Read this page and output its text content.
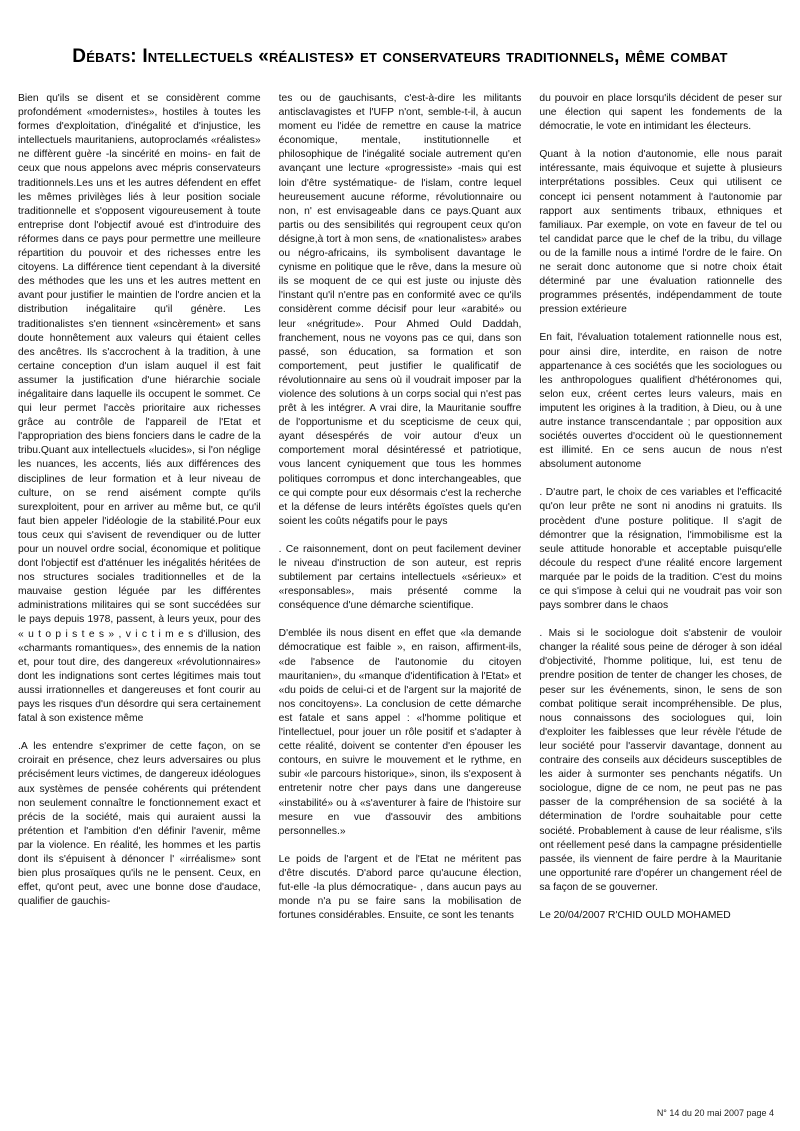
Débats: Intellectuels «réalistes» et conservateurs traditionnels, même combat

Bien qu'ils se disent et se considèrent comme profondément «modernistes», hostiles à toutes les formes d'exploitation, d'inégalité et d'injustice, les intellectuels mauritaniens, autoproclamés «réalistes» ne diffèrent guère -la sincérité en moins- en fait de ceux que nous appelons avec mépris conservateurs traditionnels.Les uns et les autres défendent en effet les mêmes privilèges liés à leur position sociale traditionnelle et s'opposent vigoureusement à toute entreprise dont l'objectif avoué est d'introduire des réformes dans ce pays pour permettre une meilleure répartition du pouvoir et des richesses entre les citoyens. La différence tient cependant à la diversité des méthodes que les uns et les autres mettent en avant pour justifier le maintien de l'ordre ancien et la distribution inégalitaire qu'il génère. Les traditionalistes s'en tiennent «sincèrement» et sans doute honnêtement aux valeurs qui étaient celles des ancêtres. Ils s'accrochent à la tradition, à une certaine conception d'un islam auquel il est fait assumer la justification d'une hiérarchie sociale inégalitaire dans laquelle ils occupent le sommet. Ce qui leur permet l'accès prioritaire aux richesses grâce au contrôle de l'appareil de l'Etat et l'appropriation des biens fonciers dans le cadre de la tribu.Quant aux intellectuels «lucides», si l'on néglige les nuances, les accents, liés aux différences des disciplines de leur formation et à leur niveau de culture, on se rend aisément compte qu'ils surexploitent, pour en arriver au même but, ce qu'il faut bien appeler l'idéologie de la stabilité.Pour eux tous ceux qui s'avisent de revendiquer ou de lutter pour un nouvel ordre social, économique et politique dont l'objectif est d'atténuer les inégalités héritées de nos structures sociales traditionnelles et de la mauvaise gestion léguée par les différentes administrations militaires qui se sont succédées sur le pays depuis 1978, passent, à leurs yeux, pour des « u t o p i s t e s » , v i c t i m e s d'illusion, des «charmants romantiques», des ennemis de la nation et, pour tout dire, des dangereux «révolutionnaires» dont les indignations sont certes légitimes mais tout aussi irrationnelles et dangereuses et font courir au pays les risques d'un désordre qui sera certainement fatal à son existence même

.A les entendre s'exprimer de cette façon, on se croirait en présence, chez leurs adversaires ou plus précisément leurs victimes, de dangereux idéologues aux systèmes de pensée cohérents qui prétendent non seulement connaître le fonctionnement exact et précis de la société, mais qui auraient aussi la prétention et l'ambition d'en définir l'avenir, même par la violence. En réalité, les hommes et les partis dont ils s'épuisent à dénoncer l' «irréalisme» sont bien plus prosaïques qu'ils ne le pensent. Ceux, en effet, qu'ont peut, avec une bonne dose d'audace, qualifier de gauchis-

tes ou de gauchisants, c'est-à-dire les militants antisclavagistes et l'UFP n'ont, semble-t-il, à aucun moment eu l'idée de remettre en cause la matrice économique, mentale, institutionnelle et philosophique de l'inégalité sociale autrement qu'en avançant une lecture «progressiste» -mais qui est loin d'être systématique- de l'islam, contre lequel heureusement aucune réforme, révolutionnaire ou non, n' est envisageable dans ce pays.Quant aux partis ou des sensibilités qui regroupent ceux qu'on désigne,à tort à mon sens, de «nationalistes» arabes ou négro-africains, ils symbolisent davantage le cynisme en politique que le rêve, dans la mesure où ils se moquent de ce qui est juste ou injuste dès l'instant qu'il n'entre pas en conformité avec ce qu'ils considèrent comme décisif pour leur «arabité» ou leur «négritude». Pour Ahmed Ould Daddah, franchement, nous ne voyons pas ce qui, dans son passé, son éducation, sa formation et son comportement, peut justifier le qualificatif de révolutionnaire au sens où il voudrait imposer par la violence des solutions à un corps social qui n'est pas prêt à les intégrer. A vrai dire, la Mauritanie souffre de l'opportunisme et du scepticisme de ceux qui, ayant désespérés de voir autour d'eux un comportement moral désintéressé et patriotique, vous lancent cyniquement que tous les hommes politiques corrompus et donc interchangeables, que ce qui compte pour eux désormais c'est la recherche et la défense de leurs intérêts égoïstes quels qu'en soient les coûts négatifs pour le pays

. Ce raisonnement, dont on peut facilement deviner le niveau d'instruction de son auteur, est repris subtilement par certains intellectuels «sérieux» et «responsables», mais présenté comme la conséquence d'une démarche scientifique.

D'emblée ils nous disent en effet que «la demande démocratique est faible », en raison, affirment-ils, «de l'absence de l'autonomie du citoyen mauritanien», du «manque d'identification à l'Etat» et «du poids de celui-ci et de l'argent sur la majorité de nos concitoyens». La conclusion de cette démarche est fatale et sans appel : «l'homme politique et l'intellectuel, pour jouer un rôle positif et s'adapter à cette réalité, doivent se contenter d'en épouser les contours, en suivre le mouvement et le rythme, en subir «le parcours historique», sinon, ils s'exposent à entretenir notre cher pays dans une dangereuse «instabilité» ou à «s'aventurer à faire de l'histoire sur mesure en vue d'assouvir des ambitions personnelles.»

Le poids de l'argent et de l'Etat ne méritent pas d'être discutés. D'abord parce qu'aucune élection, fut-elle -la plus démocratique- , dans aucun pays au monde n'a pu se faire sans la mobilisation de fortunes considérables. Ensuite, ce sont les tenants

du pouvoir en place lorsqu'ils décident de peser sur une élection qui sapent les fondements de la démocratie, le vote en intimidant les électeurs.

Quant à la notion d'autonomie, elle nous parait intéressante, mais équivoque et sujette à plusieurs interprétations possibles. Ceux qui utilisent ce concept ici pensent notamment à l'autonomie par rapport aux sentiments tribaux, ethniques et familiaux. Par exemple, on vote en faveur de tel ou tel candidat parce que le chef de la tribu, du village ou de la famille nous a intimé l'ordre de le faire. On ne serait donc autonome que si notre choix était déterminé par une évaluation rationnelle des programmes présentés, indépendamment de toute pression extérieure

En fait, l'évaluation totalement rationnelle nous est, pour ainsi dire, interdite, en raison de notre appartenance à ces sociétés que les sociologues ou les anthropologues qualifient d'hétéronomes qui, selon eux, créent certes leurs valeurs, mais en imputent les origines à la tradition, à Dieu, ou à une autre instance transcendantale ; par opposition aux sociétés ouvertes d'occident où le questionnement est illimité. En ce sens aucun de nous n'est absolument autonome

. D'autre part, le choix de ces variables et l'efficacité qu'on leur prête ne sont ni anodins ni gratuits. Ils procèdent d'une posture politique. Il s'agit de démontrer que la résignation, l'immobilisme est la seule attitude honorable et acceptable puisqu'elle découle du respect d'une réalité encore largement marquée par le poids de la tradition. C'est du moins ce qui s'impose à celui qui ne voudrait pas voir son pays sombrer dans le chaos

. Mais si le sociologue doit s'abstenir de vouloir changer la réalité sous peine de déroger à son idéal d'objectivité, l'homme politique, lui, est tenu de prendre position de tenter de changer les choses, de peser sur les événements, sinon, le sens de son combat politique serait incompréhensible. De plus, nous connaissons des sociologues qui, loin d'exploiter les faiblesses que leur révèle l'étude de leur société pour l'asservir davantage, donnent au contraire des conseils aux décideurs susceptibles de les aider à surmonter ses penchants négatifs. Un sociologue, digne de ce nom, ne peut pas ne pas passer de la compréhension de sa société à la détermination de l'ordre souhaitable pour cette société. Probablement à cause de leur réalisme, s'ils ont réellement pesé dans la campagne présidentielle passée, ils viennent de faire perdre à la Mauritanie une opportunité rare d'opérer un changement réel de sa façon de se gouverner.

Le 20/04/2007 R'CHID OULD MOHAMED

N° 14 du 20 mai 2007 page 4
